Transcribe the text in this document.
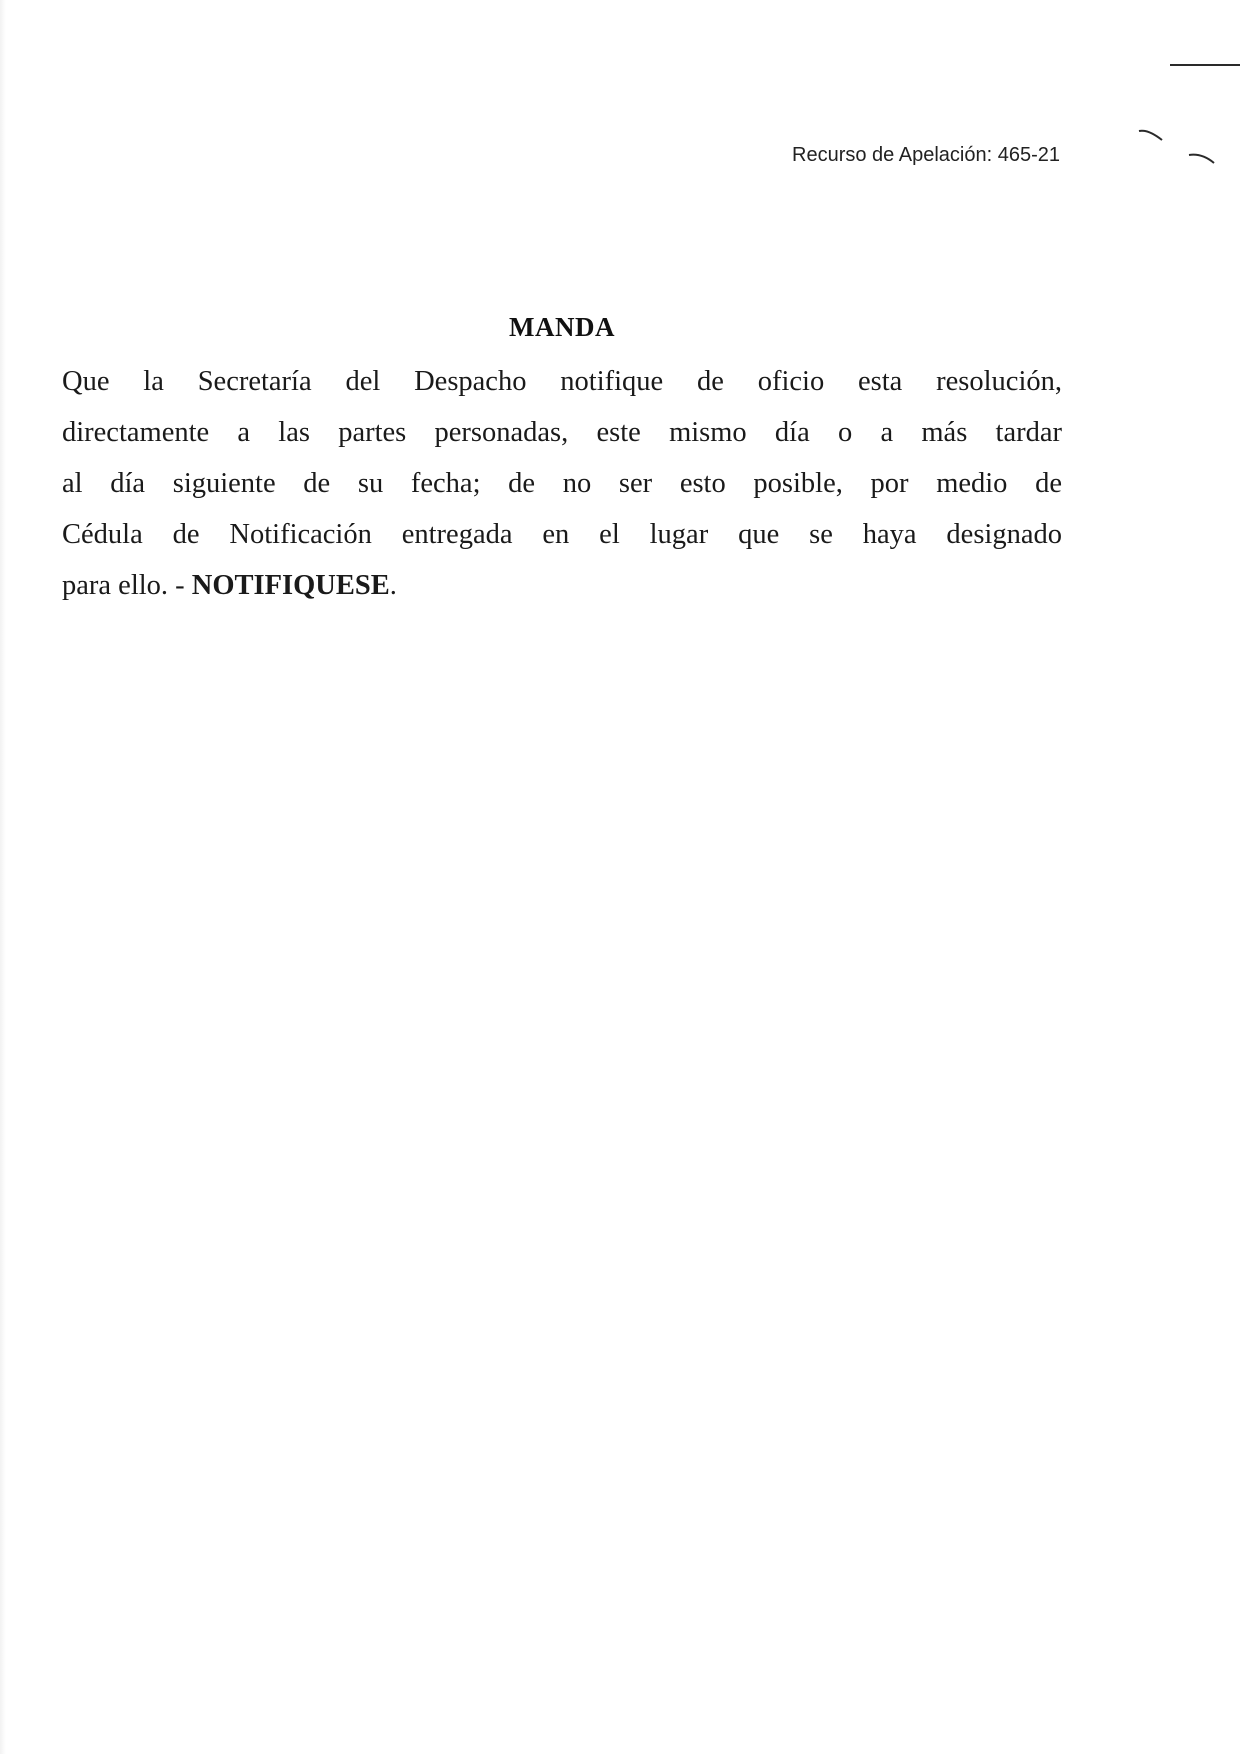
Recurso de Apelación: 465-21
MANDA
Que la Secretaría del Despacho notifique de oficio esta resolución,
directamente a las partes personadas, este mismo día o a más tardar
al día siguiente de su fecha; de no ser esto posible, por medio de
Cédula de Notificación entregada en el lugar que se haya designado
para ello. - NOTIFIQUESE.
